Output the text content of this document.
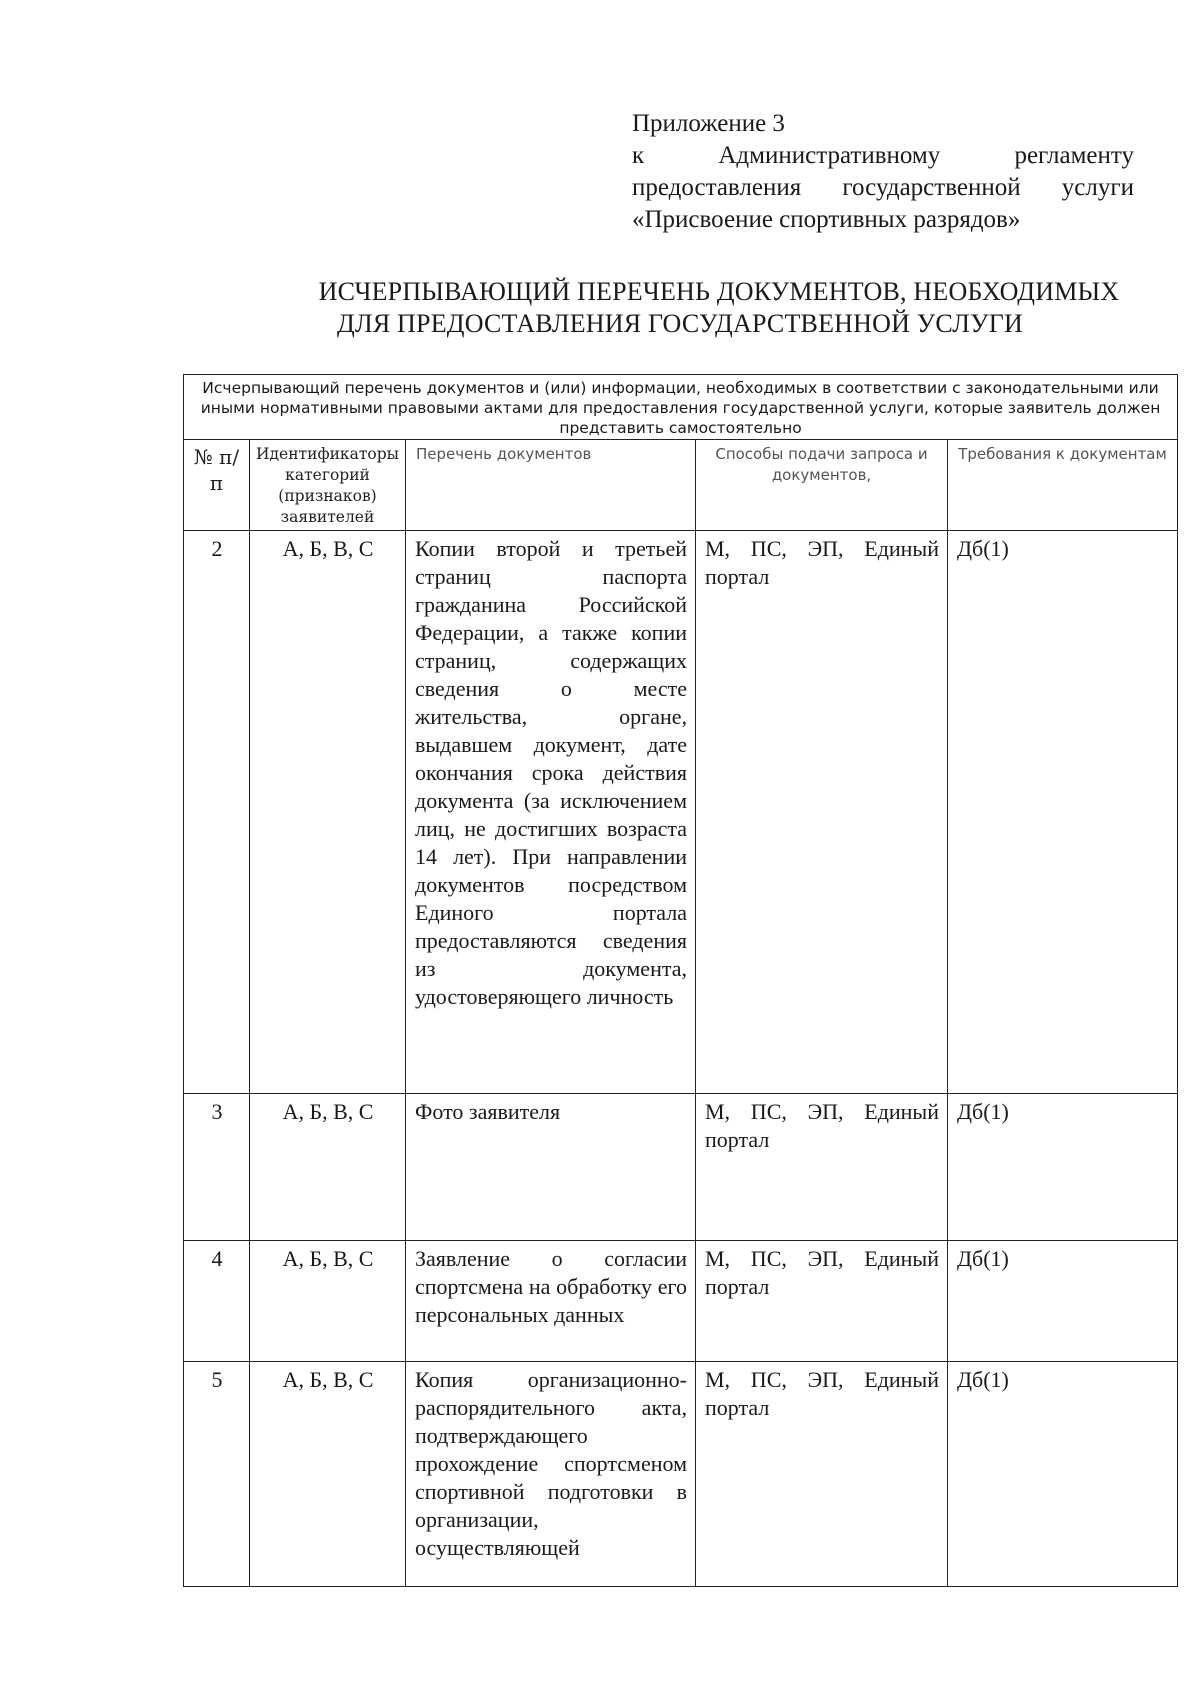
Приложение 3
к Административному регламенту
предоставления государственной услуги
«Присвоение спортивных разрядов»
ИСЧЕРПЫВАЮЩИЙ ПЕРЕЧЕНЬ ДОКУМЕНТОВ, НЕОБХОДИМЫХ
ДЛЯ ПРЕДОСТАВЛЕНИЯ ГОСУДАРСТВЕННОЙ УСЛУГИ
Исчерпывающий перечень документов и (или) информации, необходимых в соответствии с законодательными или иными нормативными правовыми актами для предоставления государственной услуги, которые заявитель должен представить самостоятельно				
№ п/п	Идентификаторы категорий (признаков) заявителей	Перечень документов	Способы подачи запроса и документов,	Требования к документам
2	А, Б, В, С	Копии второй и третьей страниц паспорта гражданина Российской Федерации, а также копии страниц, содержащих сведения о месте жительства, органе, выдавшем документ, дате окончания срока действия документа (за исключением лиц, не достигших возраста 14 лет). При направлении документов посредством Единого портала предоставляются сведения из документа, удостоверяющего личность	М, ПС, ЭП, Единый портал	Дб(1)
3	А, Б, В, С	Фото заявителя	М, ПС, ЭП, Единый портал	Дб(1)
4	А, Б, В, С	Заявление о согласии спортсмена на обработку его персональных данных	М, ПС, ЭП, Единый портал	Дб(1)
5	А, Б, В, С	Копия организационно-распорядительного акта, подтверждающего прохождение спортсменом спортивной подготовки в организации, осуществляющей	М, ПС, ЭП, Единый портал	Дб(1)
